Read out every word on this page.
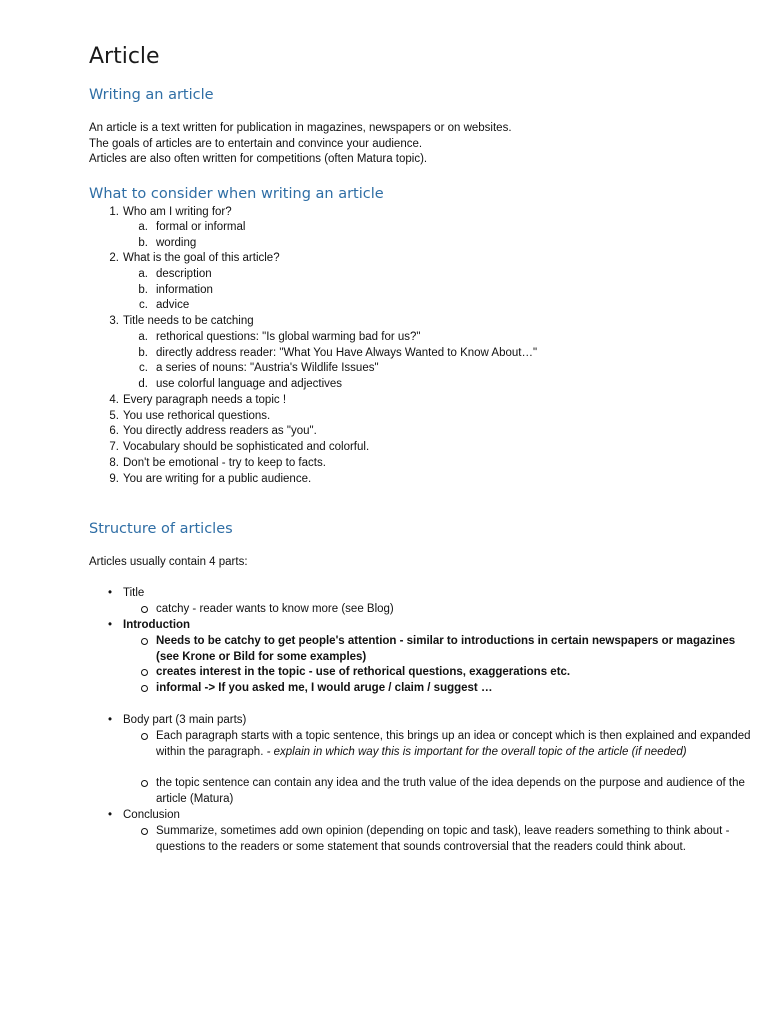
Article
Writing an article

An article is a text written for publication in magazines, newspapers or on websites.

The goals of articles are to entertain and convince your audience.

Articles are also often written for competitions (often Matura topic).

What to consider when writing an article
1. Who am I writing for?
a. formal or informal
b. wording
2. What is the goal of this article?
a. description
b. information
c. advice
3. Title needs to be catching
a. rethorical questions: "Is global warming bad for us?"
b. directly address reader: "What You Have Always Wanted to Know About…"
c. a series of nouns: "Austria's Wildlife Issues"
d. use colorful language and adjectives
4. Every paragraph needs a topic !
5. You use rethorical questions.
6. You directly address readers as "you".
7. Vocabulary should be sophisticated and colorful.
8. Don't be emotional - try to keep to facts.
9. You are writing for a public audience.
Structure of articles

Articles usually contain 4 parts:

• Title
catchy - reader wants to know more (see Blog)
• Introduction
Needs to be catchy to get people's attention - similar to introductions in certain newspapers or magazines (see Krone or Bild for some examples)
creates interest in the topic - use of rethorical questions, exaggerations etc.
informal -> If you asked me, I would aruge / claim / suggest …
• Body part (3 main parts)
Each paragraph starts with a topic sentence, this brings up an idea or concept which is then explained and expanded within the paragraph. - explain in which way this is important for the overall topic of the article (if needed)
the topic sentence can contain any idea and the truth value of the idea depends on the purpose and audience of the article (Matura)
• Conclusion
Summarize, sometimes add own opinion (depending on topic and task), leave readers something to think about - questions to the readers or some statement that sounds controversial that the readers could think about.
